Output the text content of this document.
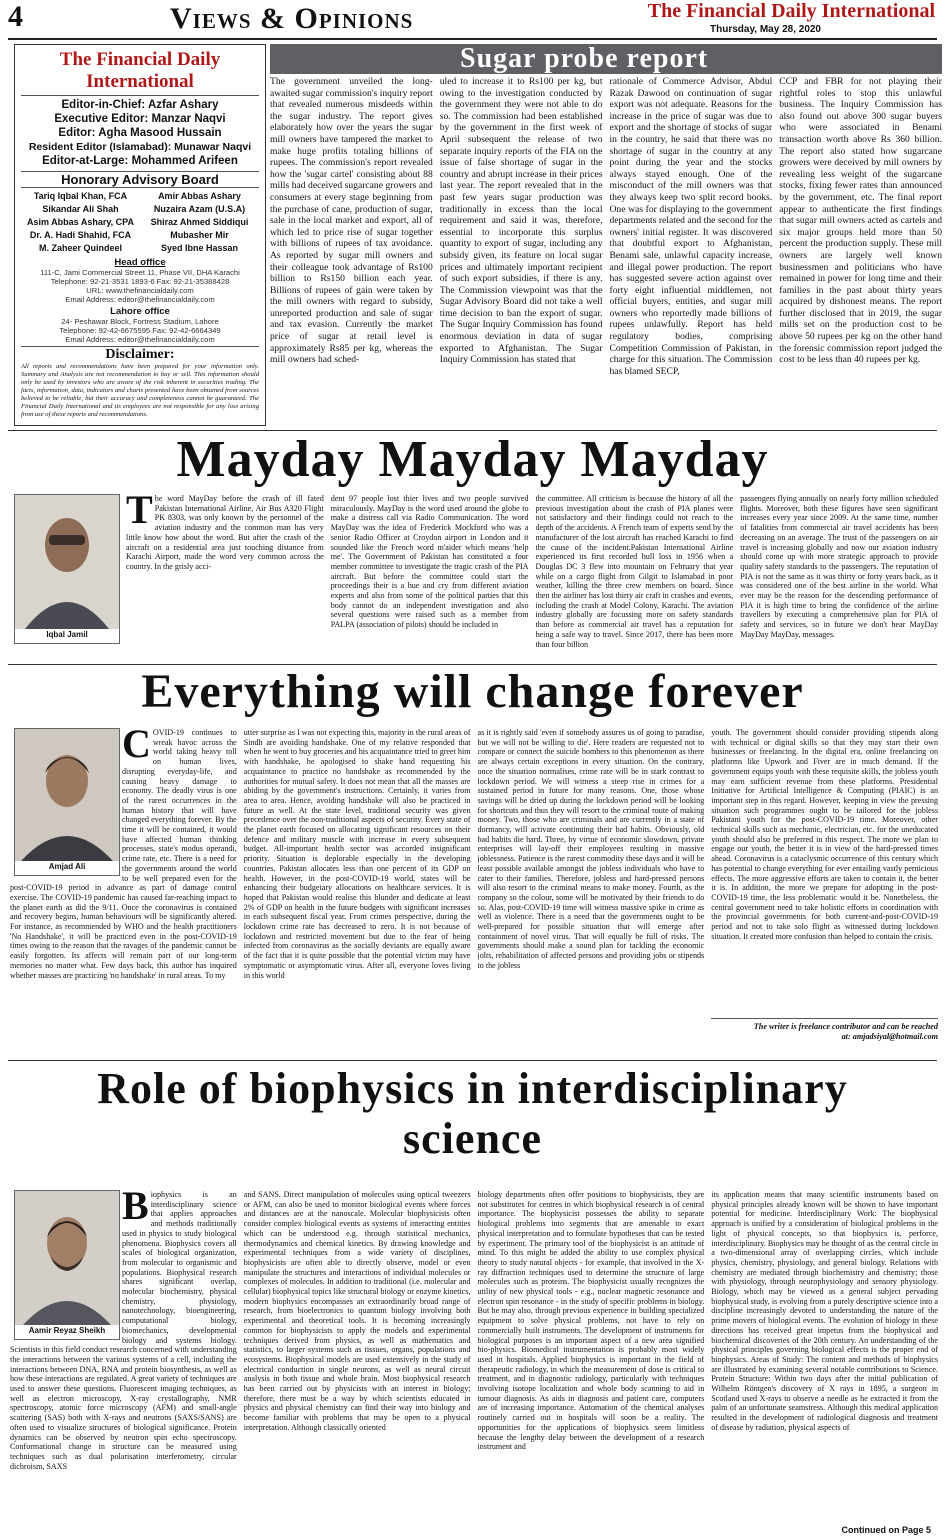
4	Views & Opinions	The Financial Daily International
Thursday, May 28, 2020
The Financial Daily International
Editor-in-Chief: Azfar Ashary
Executive Editor: Manzar Naqvi
Editor: Agha Masood Hussain
Resident Editor (Islamabad): Munawar Naqvi
Editor-at-Large: Mohammed Arifeen
Honorary Advisory Board
Tariq Iqbal Khan, FCA	Amir Abbas Ashary
Sikandar Ali Shah	Nuzaira Azam (U.S.A)
Asim Abbas Ashary, CPA	Shiraz Ahmed Siddiqui
Dr. A. Hadi Shahid, FCA	Mubasher Mir
M. Zaheer Quindeel	Syed Ibne Hassan
Head office
111-C, Jami Commercial Street 11, Phase VII, DHA Karachi
Telephone: 92-21-3531 1893-6 Fax: 92-21-35388428
URL: www.thefinancialdaily.com
Email Address: editor@thefinancialdaily.com
Lahore office
24- Peshawar Block, Fortress Stadium, Lahore
Telephone: 92-42-6675595 Fax: 92-42-6664349
Email Address: editor@thefinancialdaily.com
Disclaimer:
All reports and recommendations have been prepared for your information only. Summary and Analysis are not recommendation to buy or sell. This information should only be used by investors who are aware of the risk inherent in securities trading. The facts, information, data, indicators and charts presented have been obtained from sources believed to be reliable, but their accuracy and completeness cannot be guaranteed. The Financial Daily International and its employees are not responsible for any loss arising from use of these reports and recommendations.
Sugar probe report
The government unveiled the long-awaited sugar commission's inquiry report that revealed numerous misdeeds within the sugar industry. The report gives elaborately how over the years the sugar mill owners have tampered the market to make huge profits totaling billions of rupees. The commission's report revealed how the 'sugar cartel' consisting about 88 mills had deceived sugarcane growers and consumers at every stage beginning from the purchase of cane, production of sugar, sale in the local market and export, all of which led to price rise of sugar together with billions of rupees of tax avoidance. As reported by sugar mill owners and their colleague took advantage of Rs100 billion to Rs150 billion each year. Billions of rupees of gain were taken by the mill owners with regard to subsidy, unreported production and sale of sugar and tax evasion. Currently the market price of sugar at retail level is approximately Rs85 per kg, whereas the mill owners had sched-
uled to increase it to Rs100 per kg, but owing to the investigation conducted by the government they were not able to do so. The commission had been established by the government in the first week of April subsequent the release of two separate inquiry reports of the FIA on the issue of false shortage of sugar in the country and abrupt increase in their prices last year. The report revealed that in the past few years sugar production was traditionally in excess than the local requirement and said it was, therefore, essential to incorporate this surplus quantity to export of sugar, including any subsidy given, its feature on local sugar prices and ultimately important recipient of such export subsidies, if there is any. The Commission viewpoint was that the Sugar Advisory Board did not take a well time decision to ban the export of sugar. The Sugar Inquiry Commission has found enormous deviation in data of sugar exported to Afghanistan. The Sugar Inquiry Commission has stated that
rationale of Commerce Advisor, Abdul Razak Dawood on continuation of sugar export was not adequate. Reasons for the increase in the price of sugar was due to export and the shortage of stocks of sugar in the country, he said that there was no shortage of sugar in the country at any point during the year and the stocks always stayed enough. One of the misconduct of the mill owners was that they always keep two split record books. One was for displaying to the government departments related and the second for the owners' initial register. It was discovered that doubtful export to Afghanistan, Benami sale, unlawful capacity increase, and illegal power production. The report has suggested severe action against over forty eight influential middlemen, not official buyers, entities, and sugar mill owners who reportedly made billions of rupees unlawfully. Report has held regulatory bodies, comprising Competition Commission of Pakistan, in charge for this situation. The Commission has blamed SECP,
CCP and FBR for not playing their rightful roles to stop this unlawful business. The Inquiry Commission has also found out above 300 sugar buyers who were associated in Benami transaction worth above Rs 360 billion. The report also stated how sugarcane growers were deceived by mill owners by revealing less weight of the sugarcane stocks, fixing fewer rates than announced by the government, etc. The final report appear to authenticate the first findings that sugar mill owners acted as cartels and six major groups held more than 50 percent the production supply. These mill owners are largely well known businessmen and politicians who have remained in power for long time and their families in the past about thirty years acquired by dishonest means. The report further disclosed that in 2019, the sugar mills set on the production cost to be above 50 rupees per kg on the other hand the forensic commission report judged the cost to be less than 40 rupees per kg.
Mayday Mayday Mayday
Iqbal Jamil
The word MayDay before the crash of ill fated Pakistan International Airline, Air Bus A320 Flight PK 8303, was only known by the personnel of the aviation industry and the common man has very little know how about the word. But after the crash of the aircraft on a residential area just touching distance from Karachi Airport, made the word very common across the country. In the grisly acci-
dent 97 people lost thier lives and two people survived miraculously. MayDay is the word used around the globe to make a distress call via Radio Communication. The word MayDay was the idea of Frederick Mockford who was a senior Radio Officer at Croydon airport in London and it sounded like the French word m'aider which means 'help me'. The Government of Pakistan has constituted a four member committee to investigate the tragic crash of the PIA aircraft. But before the committee could start the proceedings their is a hue and cry from different aviation experts and also from some of the political parties that this body cannot do an independent investigation and also several questions were raised such as a member from PALPA (association of pilots) should be included in
the committee. All criticism is because the history of all the previous investigation about the crash of PIA planes were not satisfactory and their findings could not reach to the depth of the accidents. A French team of experts send by the manufacturer of the lost aircraft has reached Karachi to find the cause of the incident.Pakistan International Airline experienced its first recorded hull loss in 1956 when a Douglas DC 3 flew into mountain on February that year while on a cargo flight from Gilgit to Islamabad in poor weather, killing the three crew members on board. Since then the airliner has lost thirty air craft in crashes and events, including the crash at Model Colony, Karachi. The aviation industry globally are focussing more on safety standards than before as commercial air travel has a reputation for being a safe way to travel. Since 2017, there has been more than four billion
passengers flying annually on nearly forty million scheduled flights. Moreover, both these figures have seen significant increases every year since 2009. At the same time, number of fatalities from commercial air travel accidents has been decreasing on an average. The trust of the passengers on air travel is increasing globally and now our aviation industry should come up with more strategic approach to provide quality safety standards to the passengers. The reputation of PIA is not the same as it was thirty or forty years back, as it was considered one of the best airline in the world. What ever may be the reason for the descending performance of PIA it is high time to bring the confidence of the airline travellers by executing a comprehensive plan for PIA of safety and services, so in future we don't hear MayDay MayDay MayDay, messages.
Everything will change forever
Amjad Ali
COVID-19 continues to wreak havoc across the world taking heavy toll on human lives, disrupting everyday-life, and causing heavy damage to economy. The deadly virus is one of the rarest occurrences in the human history that will have changed everything forever. By the time it will be contained, it would have affected human thinking processes, state's modus operandi, crime rate, etc. There is a need for the governments around the world to be well prepared even for the post-COVID-19 period in advance as part of damage control exercise. The COVID-19 pandemic has caused far-reaching impact to the planet earth as did the 9/11. Once the coronavirus is contained and recovery begins, human behaviours will be significantly altered. For instance, as recommended by WHO and the health practitioners 'No Handshake', it will be practiced even in the post-COVID-19 times owing to the reason that the ravages of the pandemic cannot be easily forgotten. Its affects will remain part of our long-term memories no matter what. Few days back, this author has inquired whether masses are practicing 'no handshake' in rural areas. To my
utter surprise as I was not expecting this, majority in the rural areas of Sindh are avoiding handshake. One of my relative responded that when he went to buy groceries and his acquaintance tried to greet him with handshake, he apologised to shake hand requesting his acquaintance to practice no handshake as recommended by the authorities for mutual safety. It does not mean that all the masses are abiding by the government's instructions. Certainly, it varies from area to area. Hence, avoiding handshake will also be practiced in future as well. At the state level, traditional security was given precedence over the non-traditional aspects of security. Every state of the planet earth focused on allocating significant resources on their defence and military muscle with increase in every subsequent budget. All-important health sector was accorded insignificant priority. Situation is deplorable especially in the developing countries. Pakistan allocates less than one percent of its GDP on health. However, in the post-COVID-19 world, states will be enhancing their budgetary allocations on healthcare services. It is hoped that Pakistan would realise this blunder and dedicate at least 2% of GDP on health in the future budgets with significant increases in each subsequent fiscal year. From crimes perspective, during the lockdown crime rate has decreased to zero. It is not because of lockdown and restricted movement but due to the fear of being infected from coronavirus as the socially deviants are equally aware of the fact that it is quite possible that the potential victim may have symptomatic or asymptomatic virus. After all, everyone loves living in this world
as it is rightly said 'even if somebody assures us of going to paradise, but we will not be willing to die'. Here readers are requested not to compare or connect the suicide bombers to this phenomenon as there are always certain exceptions in every situation. On the contrary, once the situation normalises, crime rate will be in stark contrast to lockdown period. We will witness a steep rise in crimes for a sustained period in future for many reasons. One, those whose savings will be dried up during the lockdown period will be looking for shortcuts and thus they will resort to the criminal route of making money. Two, those who are criminals and are currently in a state of dormancy, will activate continuing their bad habits. Obviously, old bad habits die hard. Three, by virtue of economic slowdown, private enterprises will lay-off their employees resulting in massive joblessness. Patience is the rarest commodity these days and it will be least possible available amongst the jobless individuals who have to cater to their families. Therefore, jobless and hard-pressed persons will also resort to the criminal means to make money. Fourth, as the company so the colour, some will be motivated by their friends to do so. Alas, post-COVID-19 time will witness massive spike in crime as well as violence. There is a need that the governments ought to be well-prepared for possible situation that will emerge after containment of novel virus. That will equally be full of risks. The governments should make a sound plan for tackling the economic jolts, rehabilitation of affected persons and providing jobs or stipends to the jobless
youth. The government should consider providing stipends along with technical or digital skills so that they may start their own businesses or freelancing. In the digital era, online freelancing on platforms like Upwork and Fiver are in much demand. If the government equips youth with these requisite skills, the jobless youth may earn sufficient revenue from these platforms. Presidential Initiative for Artificial Intelligence & Computing (PIAIC) is an important step in this regard. However, keeping in view the pressing situation such programmes ought to be tailored for the jobless Pakistani youth for the post-COVID-19 time. Moreover, other technical skills such as mechanic, electrician, etc. for the uneducated youth should also be preferred in this respect. The more we plan to engage our youth, the better it is in view of the hard-pressed times ahead. Coronavirus is a cataclysmic occurrence of this century which has potential to change everything for ever entailing vastly pernicious effects. The more aggressive efforts are taken to contain it, the better it is. In addition, the more we prepare for adopting in the post-COVID-19 time, the less problematic would it be. Nonetheless, the central government need to take holistic efforts in coordination with the provincial governments for both current-and-post-COVID-19 period and not to take solo flight as witnessed during lockdown situation. It created more confusion than helped to contain the crisis.
The writer is freelance contributor and can be reached
at: amjadsiyal@hotmail.com
Role of biophysics in interdisciplinary
science
Aamir Reyaz Sheikh
Biophysics is an interdisciplinary science that applies approaches and methods traditionally used in physics to study biological phenomena. Biophysics covers all scales of biological organization, from molecular to organismic and populations. Biophysical research shares significant overlap, molecular biochemistry, physical chemistry, physiology, nanotechnology, bioengineering, computational biology, biomechanics, developmental biology and systems biology. Scientists in this field conduct research concerned with understanding the interactions between the various systems of a cell, including the interactions between DNA, RNA and protein biosynthesis, as well as how these interactions are regulated. A great variety of techniques are used to answer these questions. Fluorescent imaging techniques, as well as electron microscopy, X-ray crystallography, NMR spectroscopy, atomic force microscopy (AFM) and small-angle scattering (SAS) both with X-rays and neutrons (SAXS/SANS) are often used to visualize structures of biological significance. Protein dynamics can be observed by neutron spin echo spectroscopy. Conformational change in structure can be measured using techniques such as dual polarisation interferometry, circular dichroism, SAXS
and SANS. Direct manipulation of molecules using optical tweezers or AFM, can also be used to monitor biological events where forces and distances are at the nanoscale. Molecular biophysicists often consider complex biological events as systems of interacting entities which can be understood e.g. through statistical mechanics, thermodynamics and chemical kinetics. By drawing knowledge and experimental techniques from a wide variety of disciplines, biophysicists are often able to directly observe, model or even manipulate the structures and interactions of individual molecules or complexes of molecules. In addition to traditional (i.e. molecular and cellular) biophysical topics like structural biology or enzyme kinetics, modern biophysics encompasses an extraordinarily broad range of research, from bioelectronics to quantum biology involving both experimental and theoretical tools. It is becoming increasingly common for biophysicists to apply the models and experimental techniques derived from physics, as well as mathematics and statistics, to larger systems such as tissues, organs, populations and ecosystems. Biophysical models are used extensively in the study of electrical conduction in single neurons, as well as neural circuit analysis in both tissue and whole brain. Most biophysical research has been carried out by physicists with an interest in biology; therefore, there must be a way by which scientists educated in physics and physical chemistry can find their way into biology and become familiar with problems that may be open to a physical interpretation. Although classically oriented
biology departments often offer positions to biophysicists, they are not substitutes for centres in which biophysical research is of central importance. The biophysicist possesses the ability to separate biological problems into segments that are amenable to exact physical interpretation and to formulate hypotheses that can be tested by experiment. The primary tool of the biophysicist is an attitude of mind. To this might be added the ability to use complex physical theory to study natural objects - for example, that involved in the X-ray diffraction techniques used to determine the structure of large molecules such as proteins. The biophysicist usually recognizes the utility of new physical tools - e.g., nuclear magnetic resonance and electron spin resonance - in the study of specific problems in biology. But he may also, through previous experience in building specialized equipment to solve physical problems, not have to rely on commercially built instruments. The development of instruments for biological purposes is an important aspect of a new area signified bio-physics. Biomedical instrumentation is probably most widely used in hospitals. Applied biophysics is important in the field of therapeutic radiology, in which the measurement of dose is critical to treatment, and in diagnostic radiology, particularly with techniques involving isotope localization and whole body scanning to aid in tumour diagnosis. As aids in diagnosis and patient care, computers are of increasing importance. Automation of the chemical analyses routinely carried out in hospitals will soon be a reality. The opportunities for the applications of biophysics seem limitless because the lengthy delay between the development of a research instrument and
its application means that many scientific instruments based on physical principles already known will be shown to have important potential for medicine. Interdisciplinary Work: The biophysical approach is unified by a consideration of biological problems in the light of physical concepts, so that biophysics is, perforce, interdisciplinary. Biophysics may be thought of as the central circle in a two-dimensional array of overlapping circles, which include physics, chemistry, physiology, and general biology. Relations with chemistry are mediated through biochemistry and chemistry; those with physiology, through neurophysiology and sensory physiology. Biology, which may be viewed as a general subject pervading biophysical study, is evolving from a purely descriptive science into a discipline increasingly devoted to understanding the nature of the prime movers of biological events. The evolution of biology in these directions has received great impetus from the biophysical and biochemical discoveries of the 20th century. An understanding of the physical principles governing biological effects is the proper end of biophysics. Areas of Study: The content and methods of biophysics are illustrated by examining several notable contributions to Science. Protein Structure: Within two days after the initial publication of Wilhelm Röntgen's discovery of X rays in 1895, a surgeon in Scotland used X-rays to observe a needle as he extracted it from the palm of an unfortunate seamstress. Although this medical application resulted in the development of radiological diagnosis and treatment of disease by radiation, physical aspects of
Continued on Page 5
